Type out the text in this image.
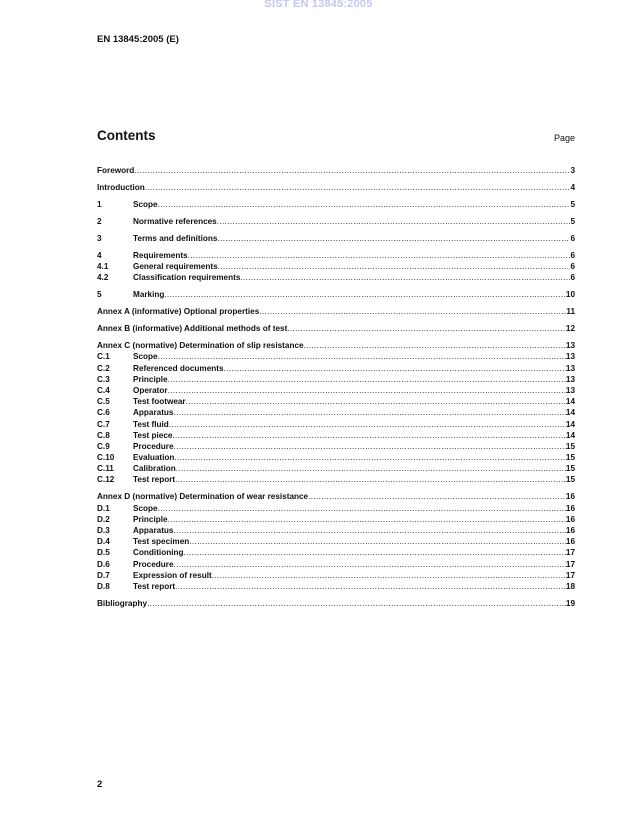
SIST EN 13845:2005
EN 13845:2005 (E)
Contents	Page
Foreword .....	3
Introduction .....	4
1	Scope .....	5
2	Normative references .....	5
3	Terms and definitions .....	6
4	Requirements .....	6
4.1	General requirements .....	6
4.2	Classification requirements .....	6
5	Marking .....	10
Annex A (informative) Optional properties .....	11
Annex B (informative) Additional methods of test .....	12
Annex C (normative) Determination of slip resistance .....	13
C.1	Scope .....	13
C.2	Referenced documents .....	13
C.3	Principle .....	13
C.4	Operator .....	13
C.5	Test footwear .....	14
C.6	Apparatus .....	14
C.7	Test fluid .....	14
C.8	Test piece .....	14
C.9	Procedure .....	15
C.10	Evaluation .....	15
C.11	Calibration .....	15
C.12	Test report .....	15
Annex D (normative) Determination of wear resistance .....	16
D.1	Scope .....	16
D.2	Principle .....	16
D.3	Apparatus .....	16
D.4	Test specimen .....	16
D.5	Conditioning .....	17
D.6	Procedure .....	17
D.7	Expression of result .....	17
D.8	Test report .....	18
Bibliography .....	19
2
